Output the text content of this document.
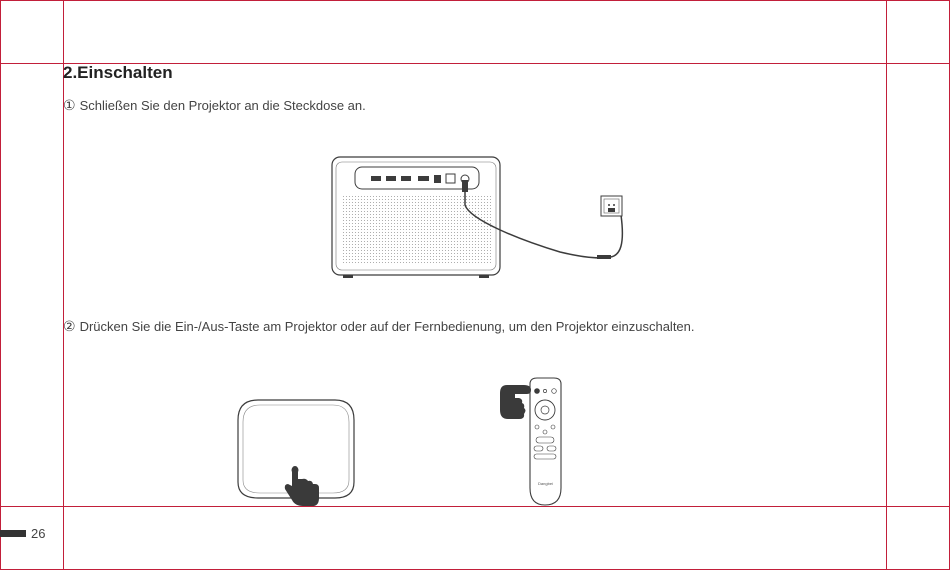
2.Einschalten
① Schließen Sie den Projektor an die Steckdose an.
② Drücken Sie die Ein-/Aus-Taste am Projektor oder auf der Fernbedienung, um den Projektor einzuschalten.
Dangbei
26
